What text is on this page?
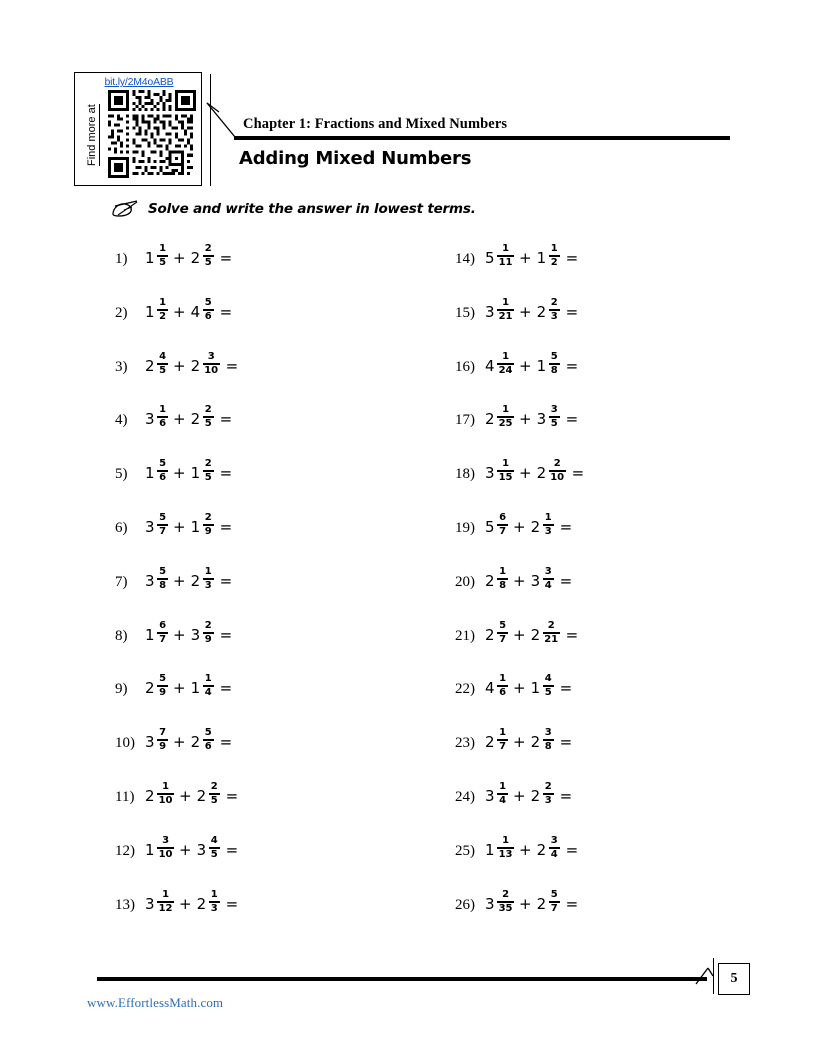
bit.ly/2M4oABB
Find more at	Chapter 1: Fractions and Mixed Numbers
Adding Mixed Numbers
Solve and write the answer in lowest terms.
1)	$1 \frac{1}{5} + 2 \frac{2}{5}$ =
2)	$1 \frac{1}{2} + 4 \frac{5}{6}$ =
3)	$2 \frac{4}{5} + 2 \frac{3}{10}$ =
4)	$3 \frac{1}{6} + 2 \frac{2}{5}$ =
5)	$1 \frac{5}{6} + 1 \frac{2}{5}$ =
6)	$3 \frac{5}{7} + 1 \frac{2}{9}$ =
7)	$3 \frac{5}{8} + 2 \frac{1}{3}$ =
8)	$1 \frac{6}{7} + 3 \frac{2}{9}$ =
9)	$2 \frac{5}{9} + 1 \frac{1}{4}$ =
10) $3 \frac{7}{9} + 2 \frac{5}{6}$ =
11) $2 \frac{1}{10} + 2 \frac{2}{5}$ =
12) $1 \frac{3}{10} + 3 \frac{4}{5}$ =
13) $3 \frac{1}{12} + 2 \frac{1}{3}$ =
14) $5 \frac{1}{11} + 1 \frac{1}{2}$ =
15) $3 \frac{1}{21} + 2 \frac{2}{3}$ =
16) $4 \frac{1}{24} + 1 \frac{5}{8}$ =
17) $2 \frac{1}{25} + 3 \frac{3}{5}$ =
18) $3 \frac{1}{15} + 2 \frac{2}{10}$ =
19) $5 \frac{6}{7} + 2 \frac{1}{3}$ =
20) $2 \frac{1}{8} + 3 \frac{3}{4}$ =
21) $2 \frac{5}{7} + 2 \frac{2}{21}$ =
22) $4 \frac{1}{6} + 1 \frac{4}{5}$ =
23) $2 \frac{1}{7} + 2 \frac{3}{8}$ =
24) $3 \frac{1}{4} + 2 \frac{2}{3}$ =
25) $1 \frac{1}{13} + 2 \frac{3}{4}$ =
26) $3 \frac{2}{35} + 2 \frac{5}{7}$ =
5
www.EffortlessMath.com
